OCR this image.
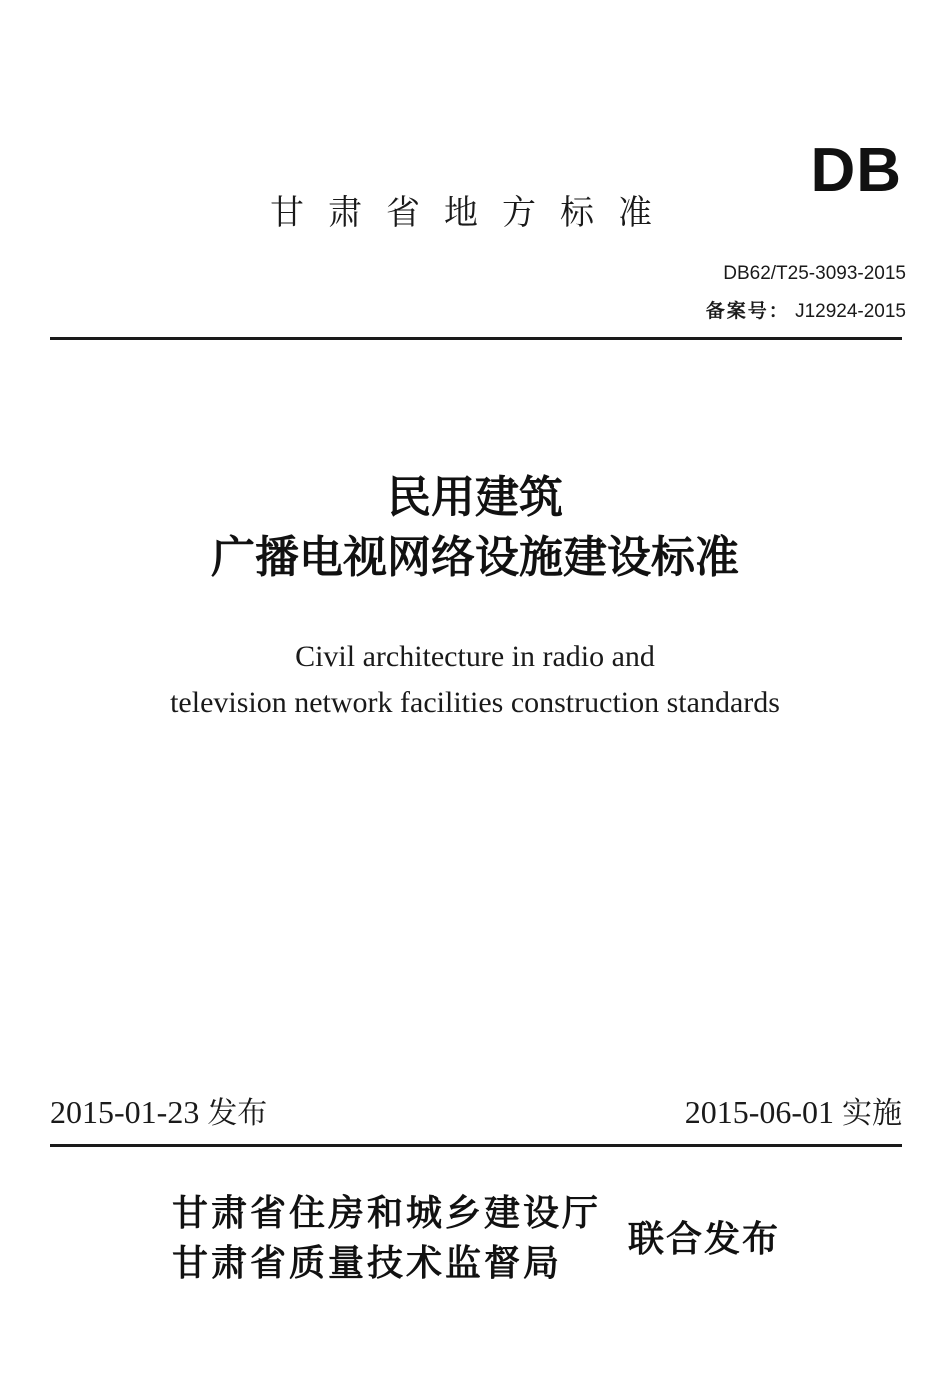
DB
甘肃省地方标准
DB62/T25-3093-2015
备案号： J12924-2015
民用建筑
广播电视网络设施建设标准
Civil architecture in radio and
television network facilities construction standards
2015-01-23 发布	2015-06-01 实施
甘肃省住房和城乡建设厅
甘肃省质量技术监督局
联合发布
